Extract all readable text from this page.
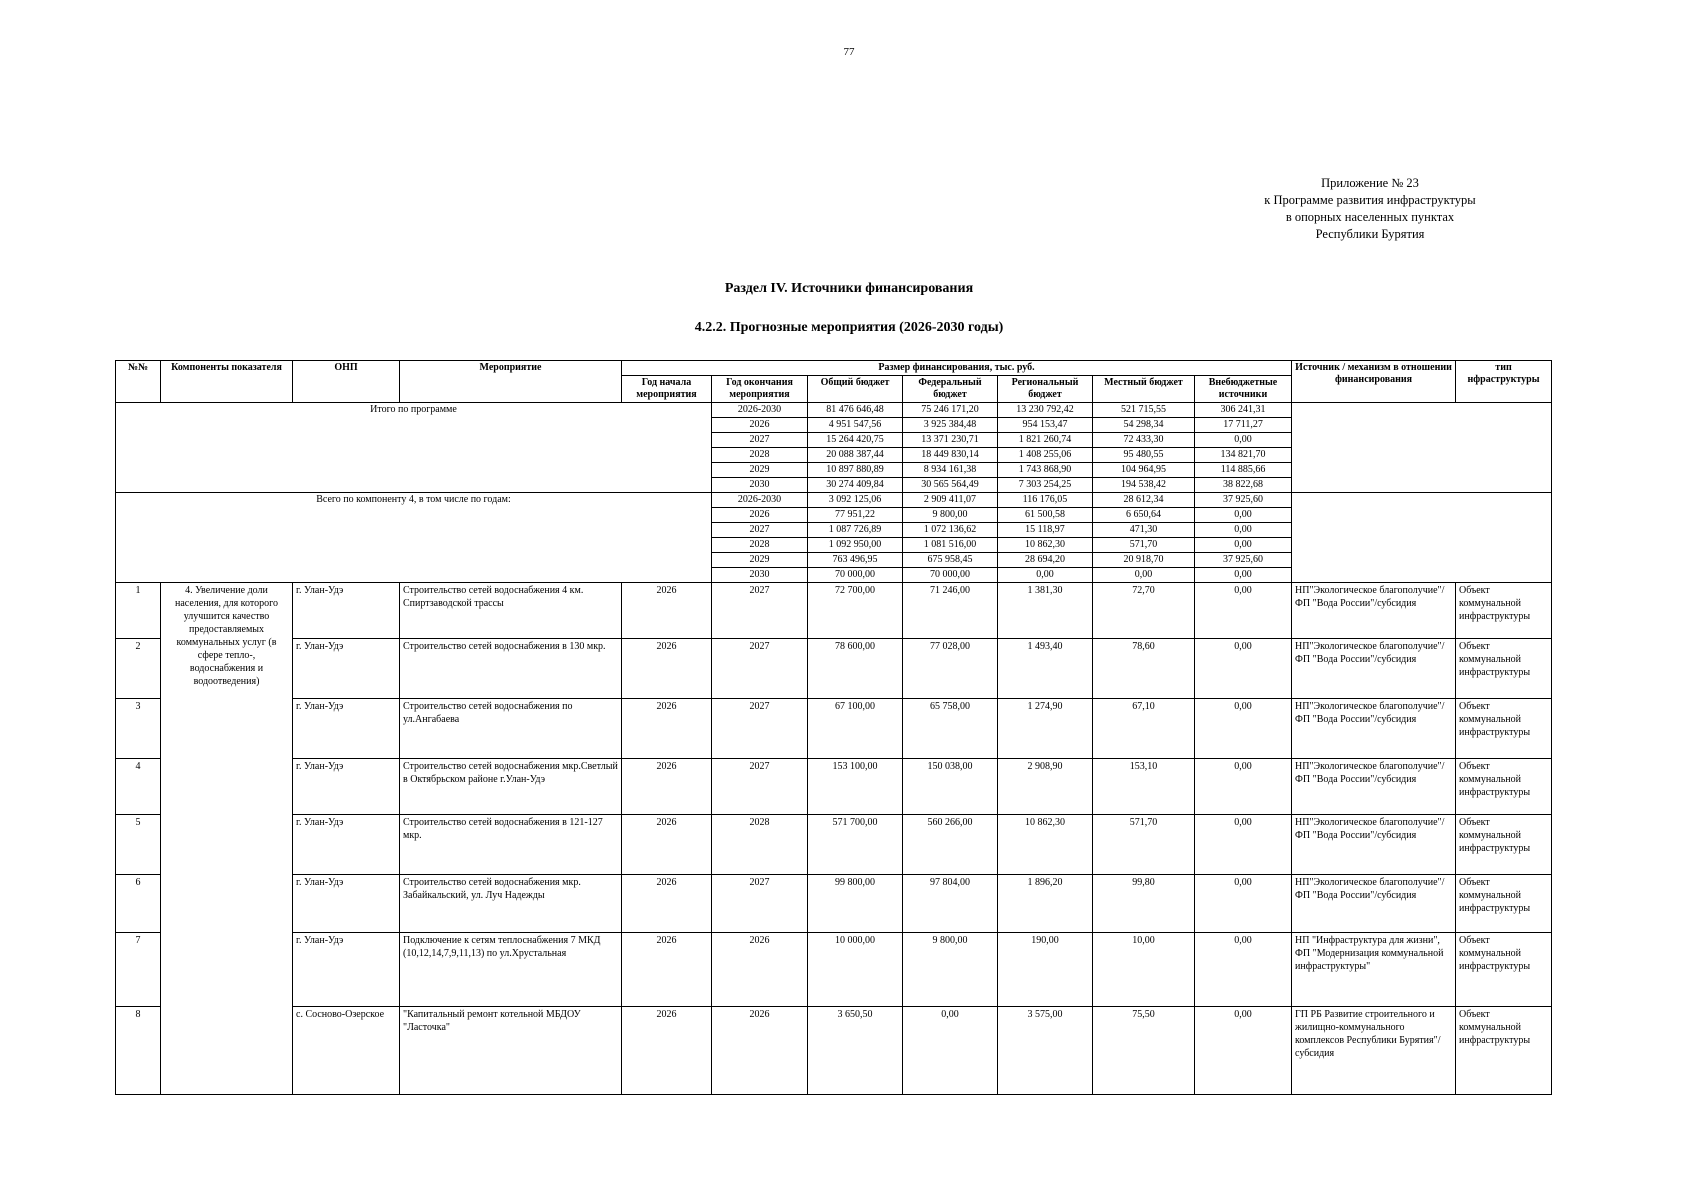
77
Приложение № 23
к Программе развития инфраструктуры
в опорных населенных пунктах
Республики Бурятия
Раздел IV. Источники финансирования
4.2.2. Прогнозные мероприятия (2026-2030 годы)
№№	Компоненты показателя	ОНП	Мероприятие	Размер финансирования, тыс. руб.							Источник / механизм в отношении финансирования	тип нфраструктуры
				Год начала мероприятия	Год окончания мероприятия	Общий бюджет	Федеральный бюджет	Региональный бюджет	Местный бюджет	Внебюджетные источники		
Итого по программе					2026-2030	81 476 646,48	75 246 171,20	13 230 792,42	521 715,55	306 241,31		
					2026	4 951 547,56	3 925 384,48	954 153,47	54 298,34	17 711,27		
					2027	15 264 420,75	13 371 230,71	1 821 260,74	72 433,30	0,00		
					2028	20 088 387,44	18 449 830,14	1 408 255,06	95 480,55	134 821,70		
					2029	10 897 880,89	8 934 161,38	1 743 868,90	104 964,95	114 885,66		
					2030	30 274 409,84	30 565 564,49	7 303 254,25	194 538,42	38 822,68		
Всего по компоненту 4, в том числе по годам:					2026-2030	3 092 125,06	2 909 411,07	116 176,05	28 612,34	37 925,60		
					2026	77 951,22	9 800,00	61 500,58	6 650,64	0,00		
					2027	1 087 726,89	1 072 136,62	15 118,97	471,30	0,00		
					2028	1 092 950,00	1 081 516,00	10 862,30	571,70	0,00		
					2029	763 496,95	675 958,45	28 694,20	20 918,70	37 925,60		
					2030	70 000,00	70 000,00	0,00	0,00	0,00		
1	4. Увеличение доли населения, для которого улучшится качество предоставляемых коммунальных услуг (в сфере тепло-, водоснабжения и водоотведения)	г. Улан-Удэ	Строительство сетей водоснабжения 4 км. Спиртзаводской трассы	2026	2027	72 700,00	71 246,00	1 381,30	72,70	0,00	НП"Экологическое благополучие"/ ФП "Вода России"/субсидия	Объект коммунальной инфраструктуры
2		г. Улан-Удэ	Строительство сетей водоснабжения в 130 мкр.	2026	2027	78 600,00	77 028,00	1 493,40	78,60	0,00	НП"Экологическое благополучие"/ ФП "Вода России"/субсидия	Объект коммунальной инфраструктуры
3		г. Улан-Удэ	Строительство сетей водоснабжения по ул.Ангабаева	2026	2027	67 100,00	65 758,00	1 274,90	67,10	0,00	НП"Экологическое благополучие"/ ФП "Вода России"/субсидия	Объект коммунальной инфраструктуры
4		г. Улан-Удэ	Строительство сетей водоснабжения мкр.Светлый в Октябрьском районе г.Улан-Удэ	2026	2027	153 100,00	150 038,00	2 908,90	153,10	0,00	НП"Экологическое благополучие"/ ФП "Вода России"/субсидия	Объект коммунальной инфраструктуры
5		г. Улан-Удэ	Строительство сетей водоснабжения в 121-127 мкр.	2026	2028	571 700,00	560 266,00	10 862,30	571,70	0,00	НП"Экологическое благополучие"/ ФП "Вода России"/субсидия	Объект коммунальной инфраструктуры
6		г. Улан-Удэ	Строительство сетей водоснабжения мкр. Забайкальский, ул. Луч Надежды	2026	2027	99 800,00	97 804,00	1 896,20	99,80	0,00	НП"Экологическое благополучие"/ ФП "Вода России"/субсидия	Объект коммунальной инфраструктуры
7		г. Улан-Удэ	Подключение к сетям теплоснабжения 7 МКД (10,12,14,7,9,11,13) по ул.Хрустальная	2026	2026	10 000,00	9 800,00	190,00	10,00	0,00	НП "Инфраструктура для жизни", ФП "Модернизация коммунальной инфраструктуры"	Объект коммунальной инфраструктуры
8		с. Сосново-Озерское	"Капитальный ремонт котельной МБДОУ "Ласточка"	2026	2026	3 650,50	0,00	3 575,00	75,50	0,00	ГП РБ Развитие строительного и жилищно-коммунального комплексов Республики Бурятия"/субсидия	Объект коммунальной инфраструктуры
